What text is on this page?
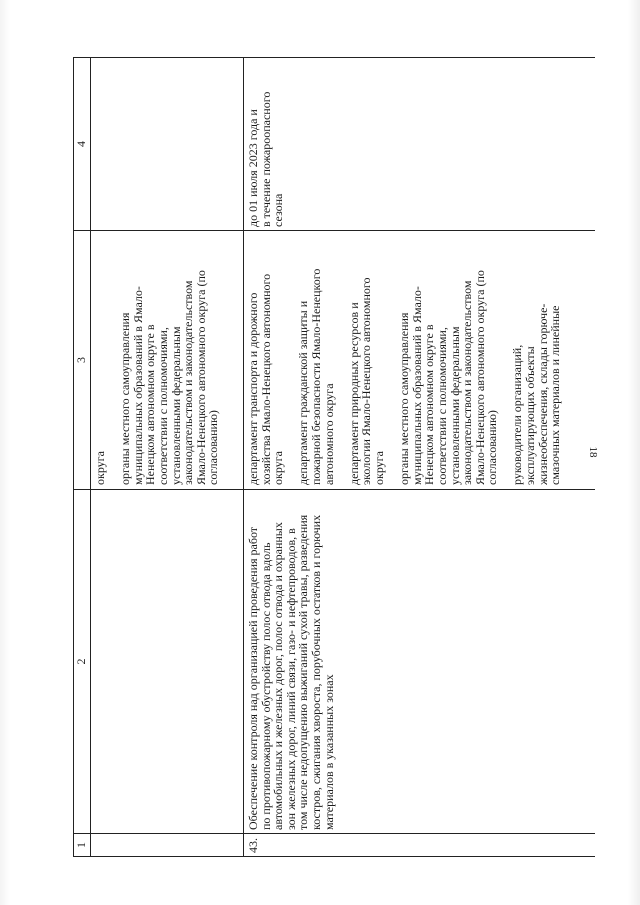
18
1
2
3
4
округа

органы местного самоуправления
муниципальных образований в Ямало-
Ненецком автономном округе в
соответствии с полномочиями,
установленными федеральным
законодательством и законодательством
Ямало-Ненецкого автономного округа (по
согласованию)
43.
Обеспечение контроля над организацией проведения работ
по противопожарному обустройству полос отвода вдоль
автомобильных и железных дорог, полос отвода и охранных
зон железных дорог, линий связи, газо- и нефтепроводов, в
том числе недопущению выжиганий сухой травы, разведения
костров, сжигания хвороста, порубочных остатков и горючих
материалов в указанных зонах
департамент транспорта и дорожного
хозяйства Ямало-Ненецкого автономного
округа

департамент гражданской защиты и
пожарной безопасности Ямало-Ненецкого
автономного округа

департамент природных ресурсов и
экологии Ямало-Ненецкого автономного
округа

органы местного самоуправления
муниципальных образований в Ямало-
Ненецком автономном округе в
соответствии с полномочиями,
установленными федеральным
законодательством и законодательством
Ямало-Ненецкого автономного округа (по
согласованию)

руководители организаций,
эксплуатирующих объекты
жизнеобеспечения, склады горюче-
смазочных материалов и линейные
до 01 июля 2023 года и
в течение пожароопасного
сезона
